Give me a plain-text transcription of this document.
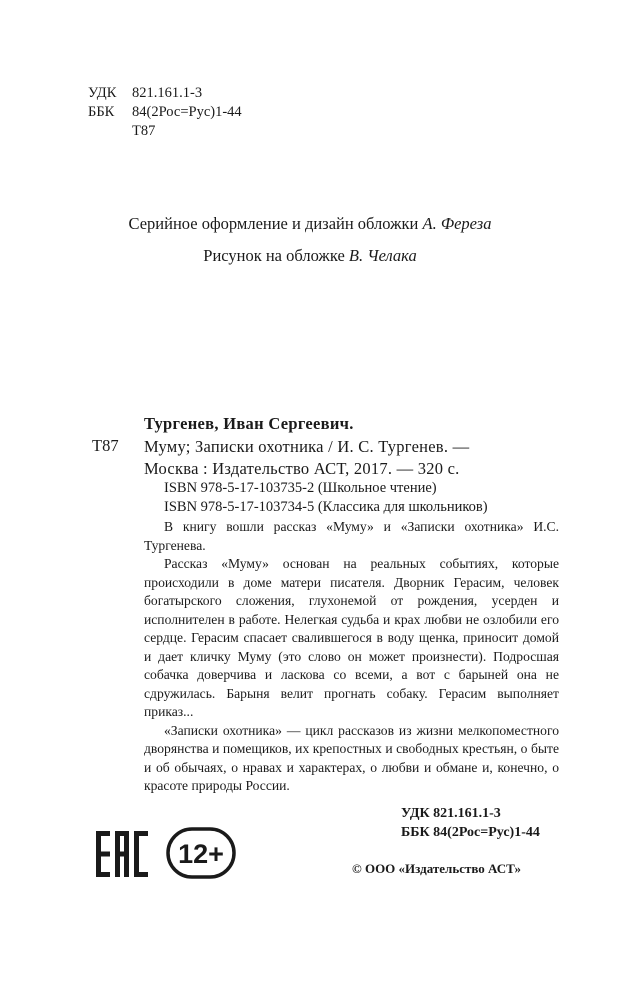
УДК	821.161.1-3
ББК	84(2Рос=Рус)1-44
Т87
Серийное оформление и дизайн обложки А. Фереза
Рисунок на обложке В. Челака
Тургенев, Иван Сергеевич.
Т87 Муму; Записки охотника / И. С. Тургенев. —
Москва : Издательство АСТ, 2017. — 320 с.
ISBN 978-5-17-103735-2 (Школьное чтение)
ISBN 978-5-17-103734-5 (Классика для школьников)

В книгу вошли рассказ «Муму» и «Записки охотника» И.С. Тургенева.

Рассказ «Муму» основан на реальных событиях, которые происходили в доме матери писателя. Дворник Герасим, человек богатырского сложения, глухонемой от рождения, усерден и исполнителен в работе. Нелегкая судьба и крах любви не озлобили его сердце. Герасим спасает свалившегося в воду щенка, приносит домой и дает кличку Муму (это слово он может произнести). Подросшая собачка доверчива и ласкова со всеми, а вот с барыней она не сдружилась. Барыня велит прогнать собаку. Герасим выполняет приказ...

«Записки охотника» — цикл рассказов из жизни мелкопоместного дворянства и помещиков, их крепостных и свободных крестьян, о быте и об обычаях, о нравах и характерах, о любви и обмане и, конечно, о красоте природы России.

УДК 821.161.1-3
ББК 84(2Рос=Рус)1-44
12+	© ООО «Издательство АСТ»
